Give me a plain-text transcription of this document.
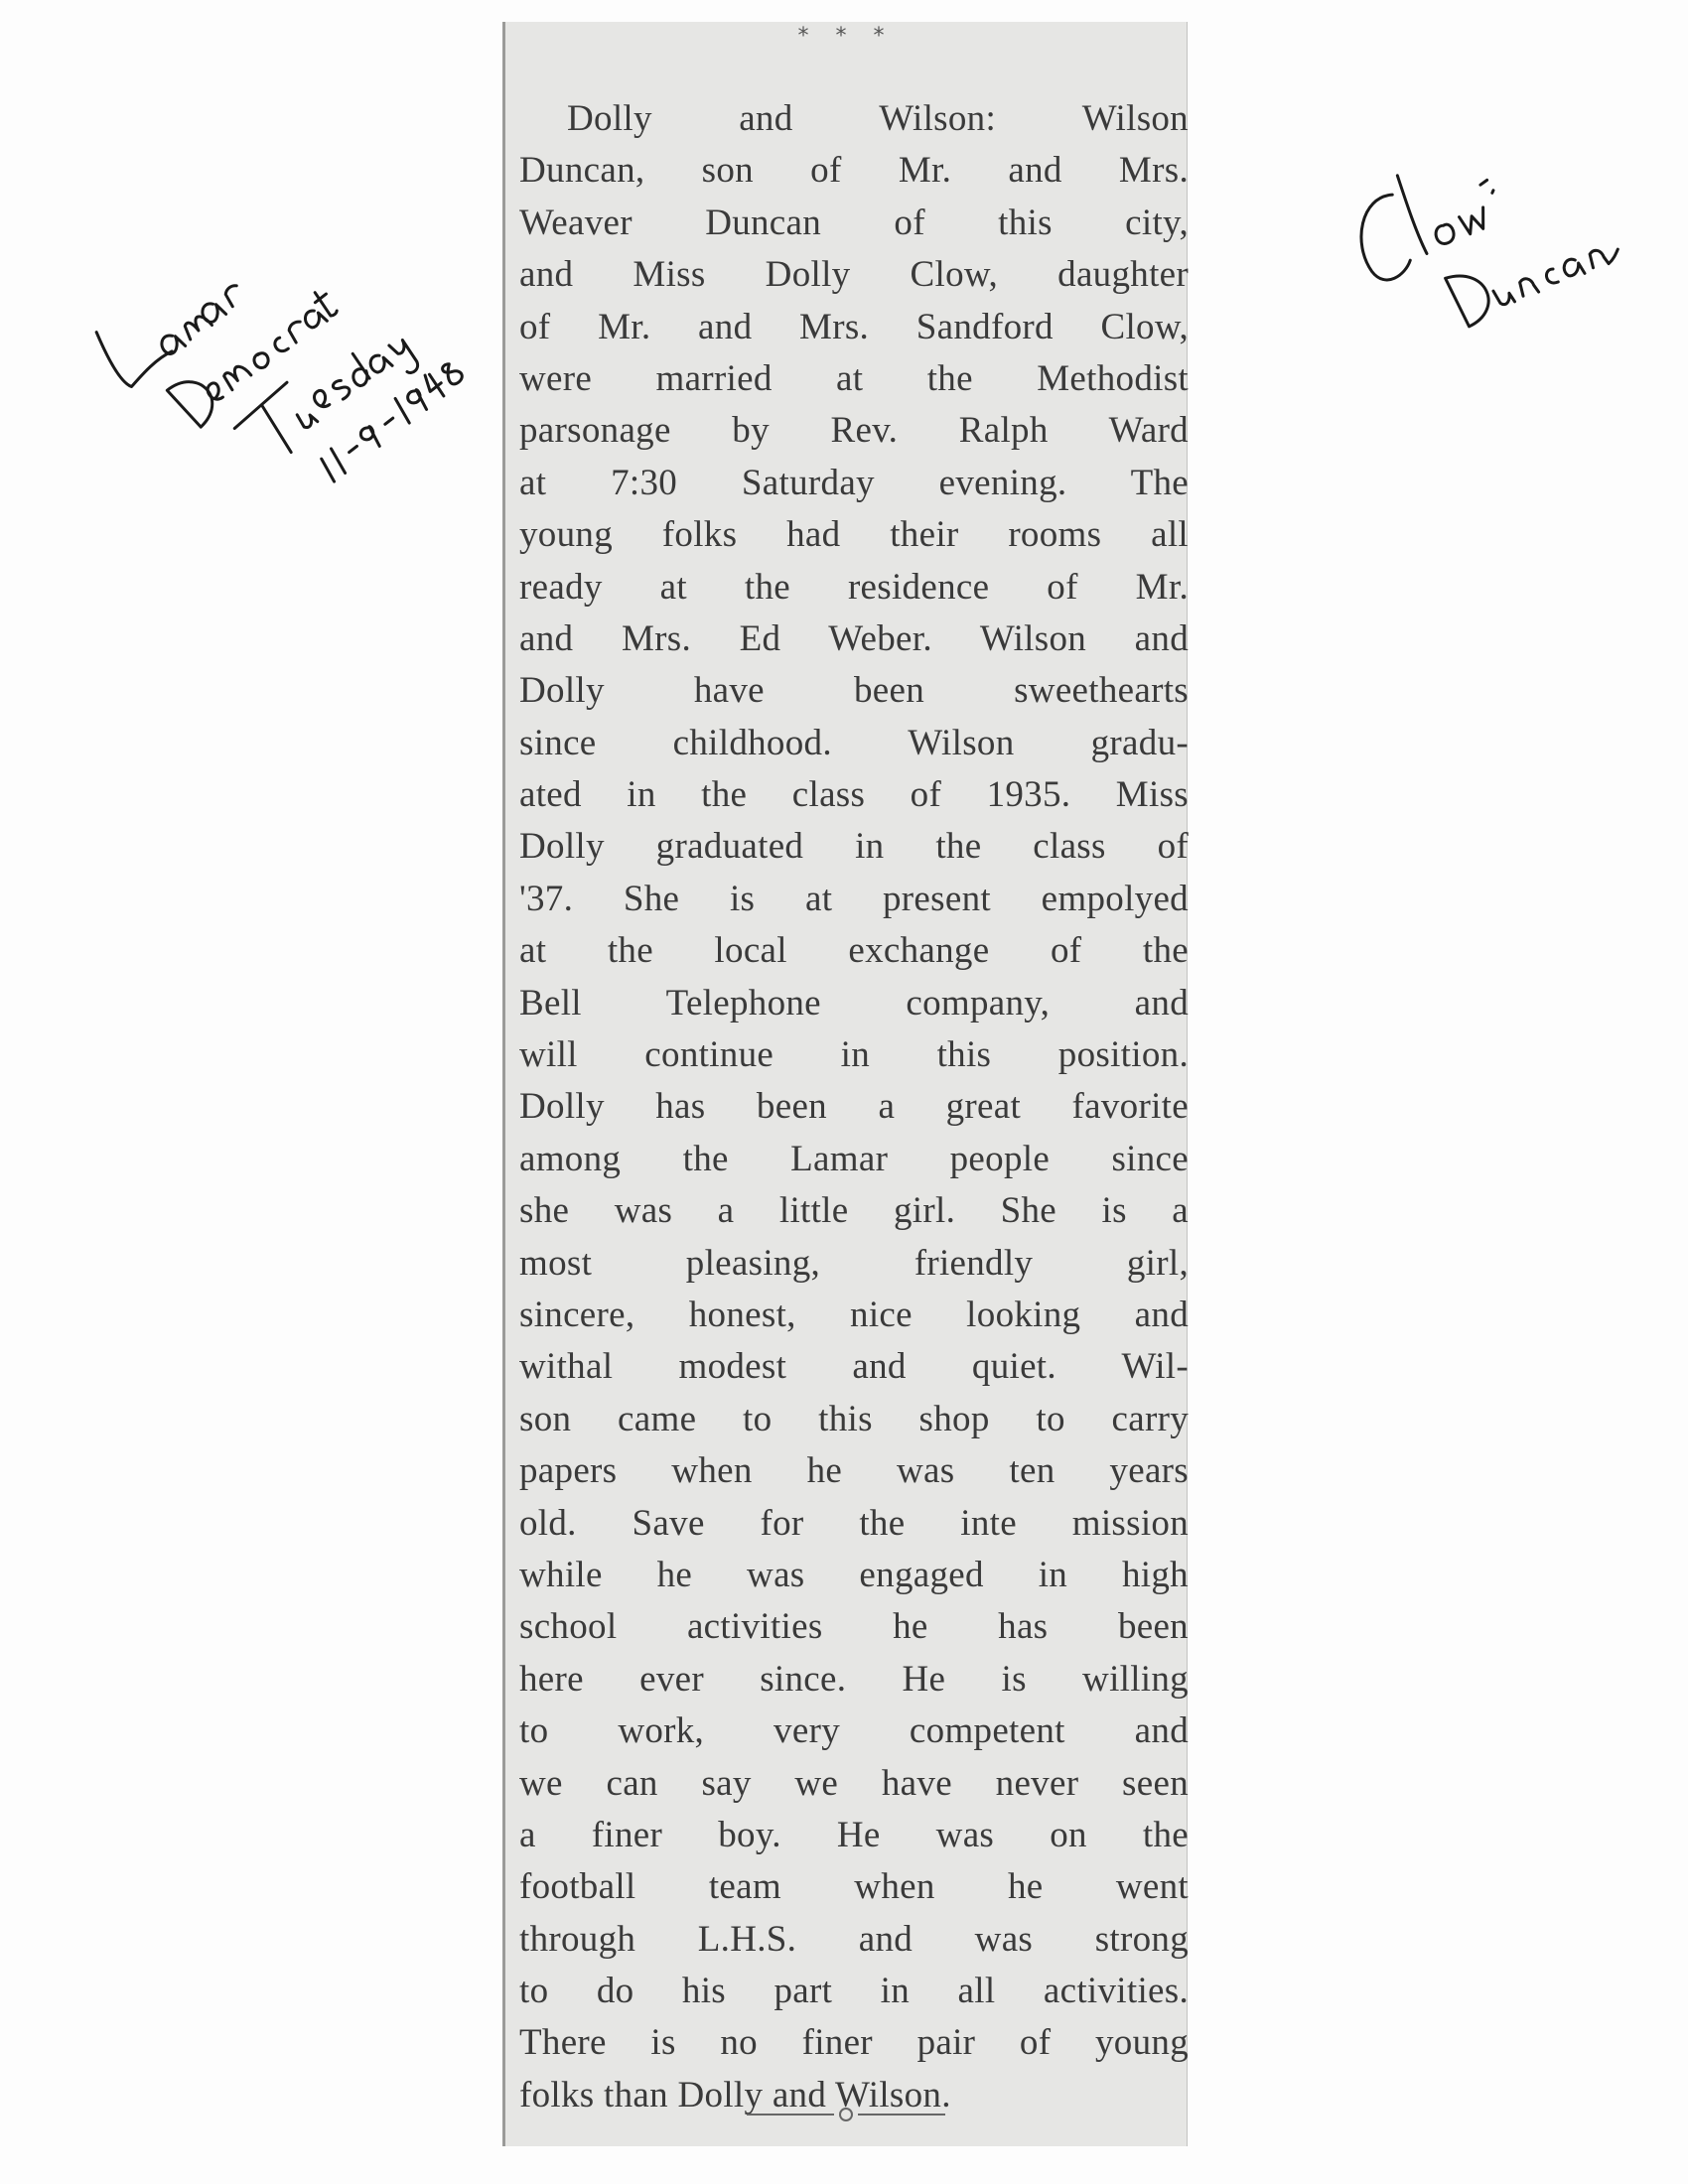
* * *
Dolly and Wilson: Wilson
Duncan, son of Mr. and Mrs.
Weaver Duncan of this city,
and Miss Dolly Clow, daughter
of Mr. and Mrs. Sandford Clow,
were married at the Methodist
parsonage by Rev. Ralph Ward
at 7:30 Saturday evening. The
young folks had their rooms all
ready at the residence of Mr.
and Mrs. Ed Weber. Wilson and
Dolly have been sweethearts
since childhood. Wilson gradu-
ated in the class of 1935. Miss
Dolly graduated in the class of
'37. She is at present empolyed
at the local exchange of the
Bell Telephone company, and
will continue in this position.
Dolly has been a great favorite
among the Lamar people since
she was a little girl. She is a
most pleasing, friendly girl,
sincere, honest, nice looking and
withal modest and quiet. Wil-
son came to this shop to carry
papers when he was ten years
old. Save for the inte mission
while he was engaged in high
school activities he has been
here ever since. He is willing
to work, very competent and
we can say we have never seen
a finer boy. He was on the
football team when he went
through L.H.S. and was strong
to do his part in all activities.
There is no finer pair of young
folks than Dolly and Wilson.
